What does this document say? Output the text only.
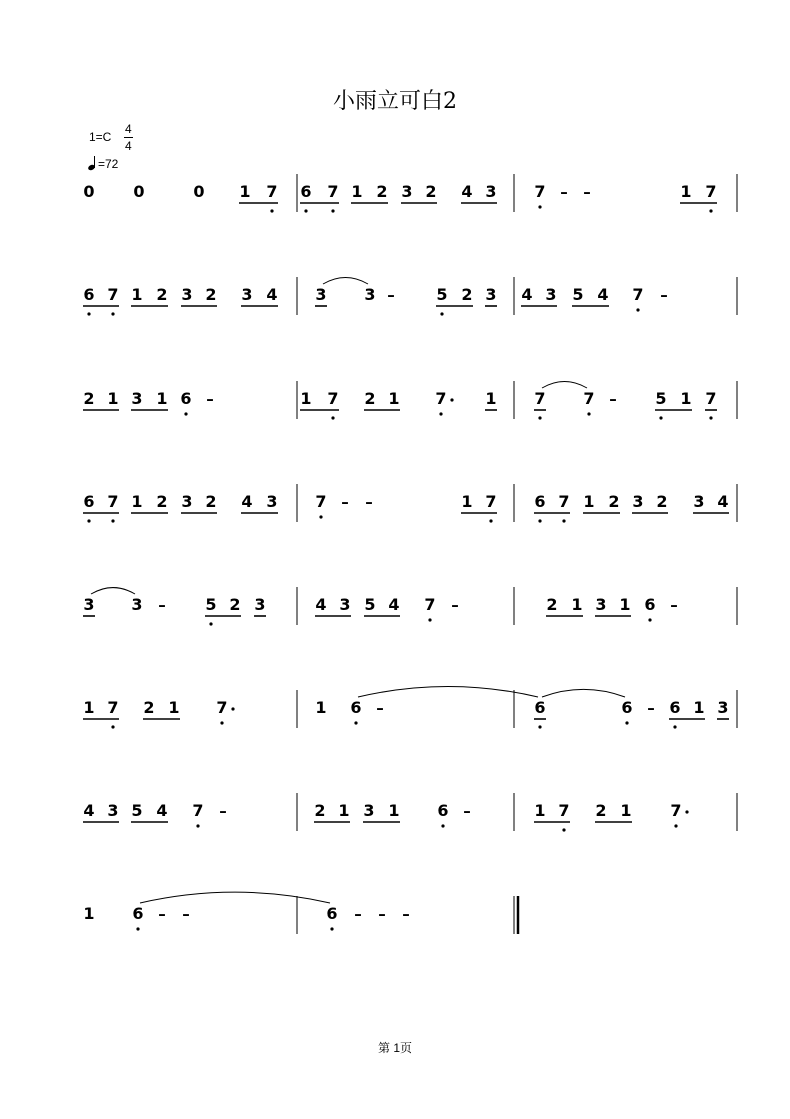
小雨立可白2
1=C
4
4
=72
0 0	0 1 7 6 7 1 2 3 2 4 3 7 – –	1 7
6 7 1 2 3 2 3 4 3 3 –	5 2 3 4 3 5 4 7 –
2 1 3 1 6 –	1 7 2 1 7 1 7 7 – 5 1 7
6 7 1 2 3 2 4 3 7 – –	1 7 6 7 1 2 3 2 3 4
3 3 – 5 2 3	4 3 5 4 7 –	2 1 3 1 6 –
1 7 2 1 7	1 6 –	6	6 – 6 1 3
4 3 5 4 7 –	2 1 3 1 6 –	1 7 2 1 7
1 6 – –	6 – – –
第 1页
